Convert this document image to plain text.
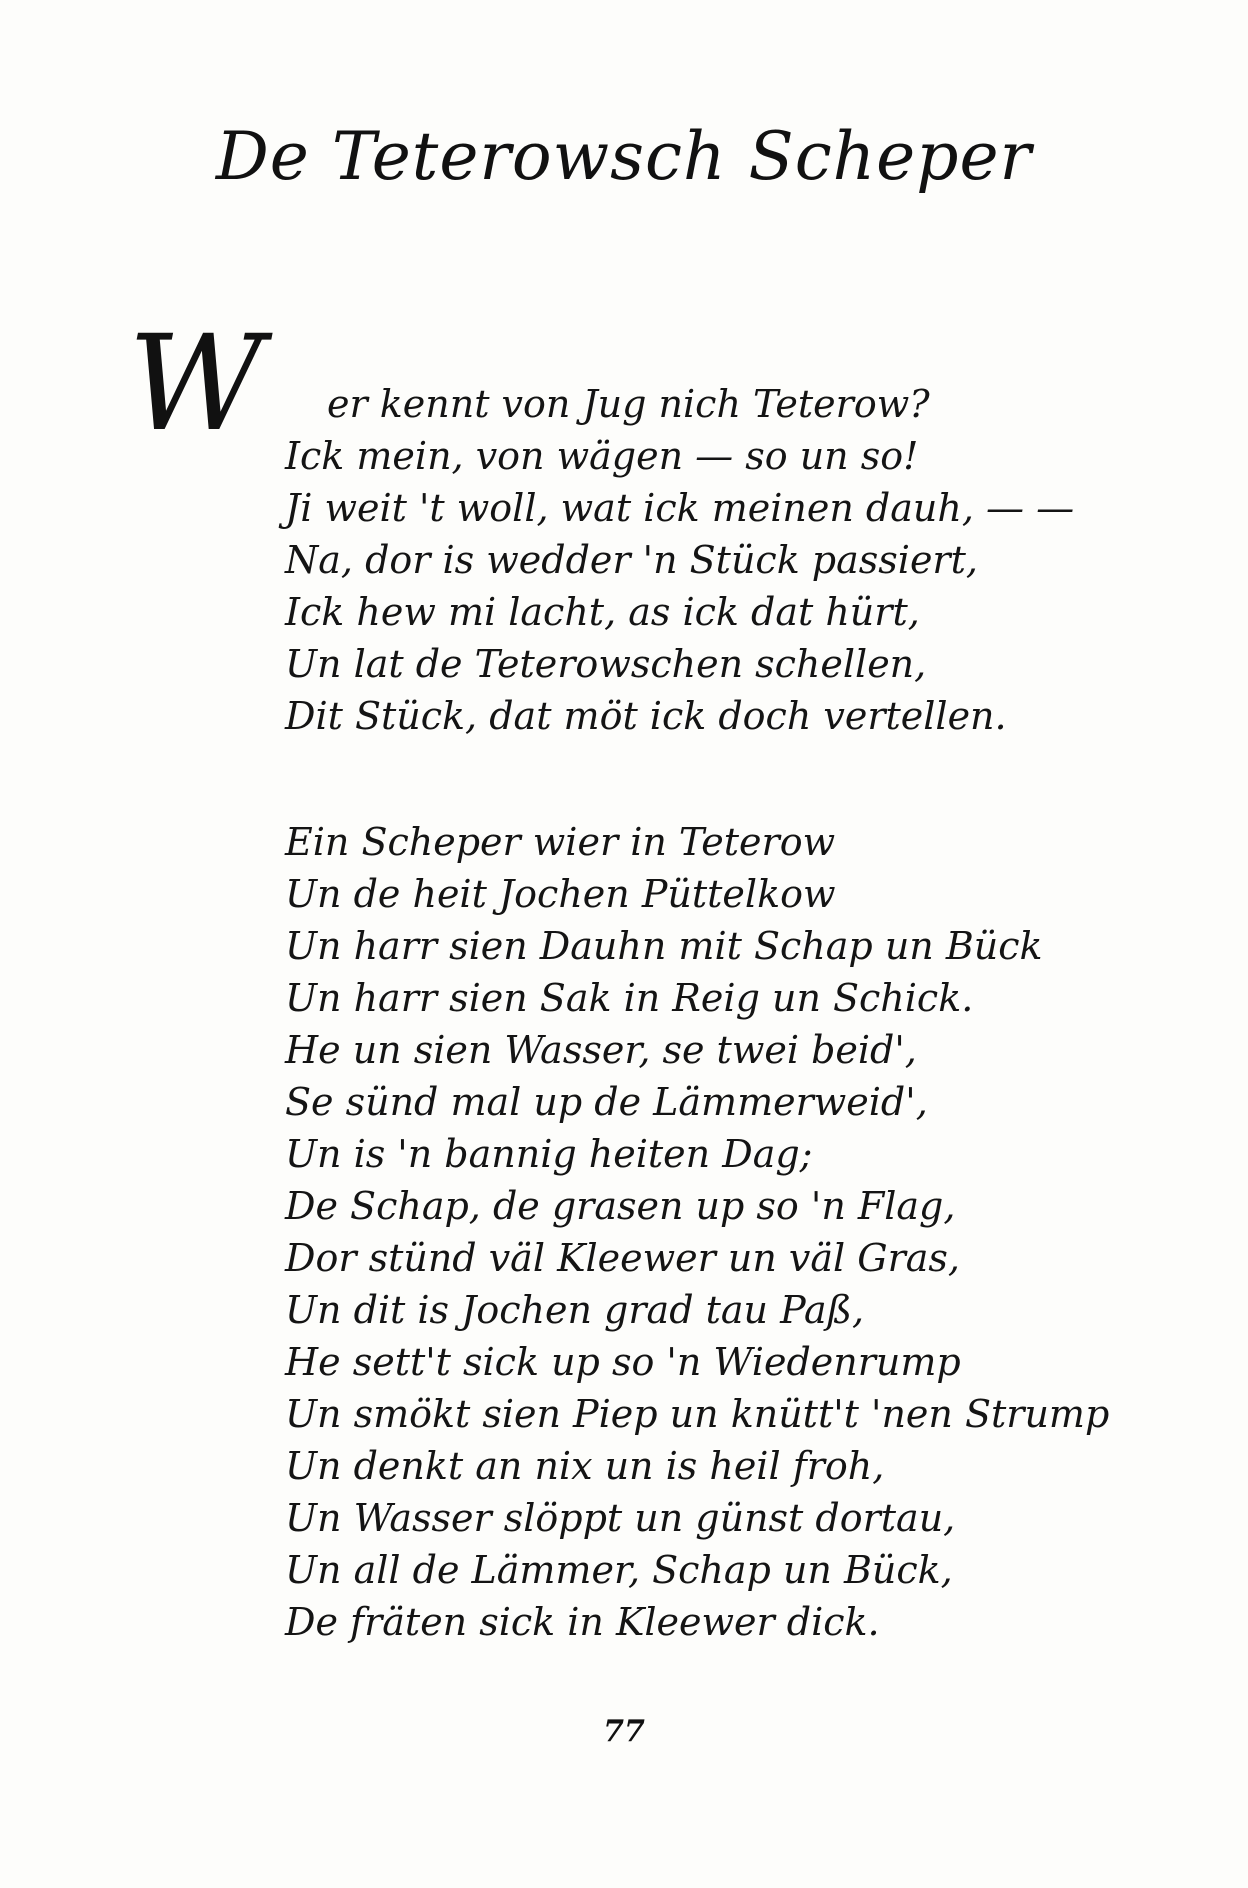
De Teterowsch Scheper
W	er kennt von Jug nich Teterow?
Ick mein, von wägen — so un so!
Ji weit 't woll, wat ick meinen dauh, — —
Na, dor is wedder 'n Stück passiert,
Ick hew mi lacht, as ick dat hürt,
Un lat de Teterowschen schellen,
Dit Stück, dat möt ick doch vertellen.
Ein Scheper wier in Teterow
Un de heit Jochen Püttelkow
Un harr sien Dauhn mit Schap un Bück
Un harr sien Sak in Reig un Schick.
He un sien Wasser, se twei beid',
Se sünd mal up de Lämmerweid',
Un is 'n bannig heiten Dag;
De Schap, de grasen up so 'n Flag,
Dor stünd väl Kleewer un väl Gras,
Un dit is Jochen grad tau Paß,
He sett't sick up so 'n Wiedenrump
Un smökt sien Piep un knütt't 'nen Strump
Un denkt an nix un is heil froh,
Un Wasser slöppt un günst dortau,
Un all de Lämmer, Schap un Bück,
De fräten sick in Kleewer dick.
77
